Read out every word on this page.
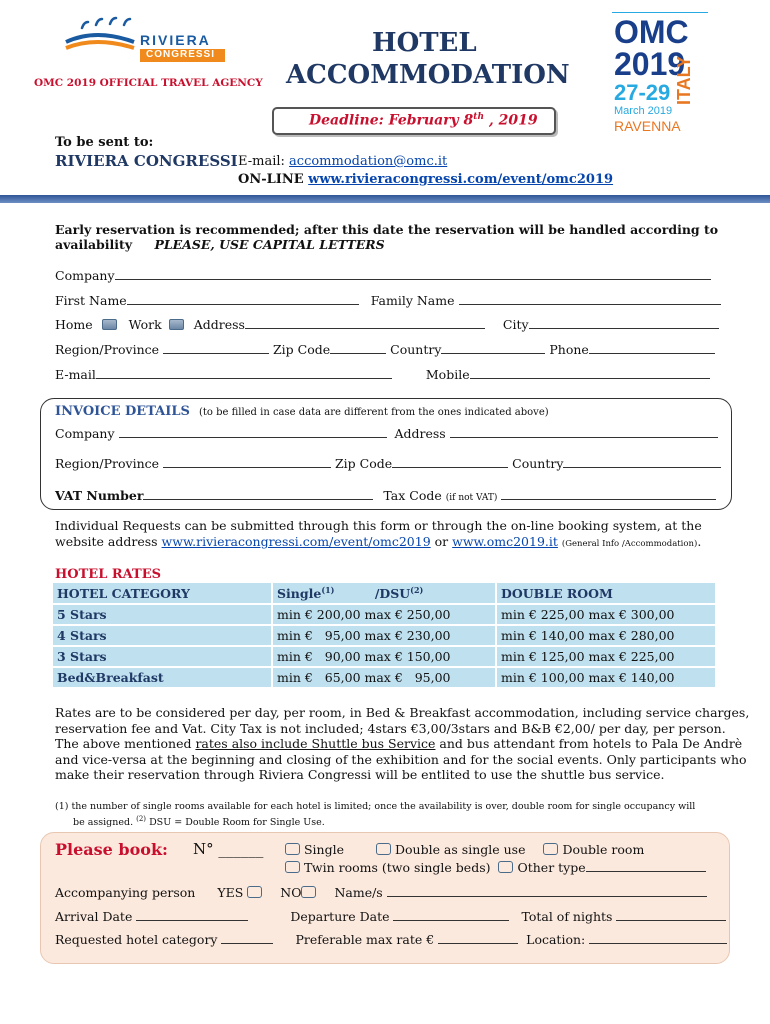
RIVIERA
CONGRESSI
OMC 2019 OFFICIAL TRAVEL AGENCY
HOTEL
ACCOMMODATION
Deadline: February 8th , 2019
OMC
2019
27-29
March 2019
RAVENNA
ITALY
To be sent to:
RIVIERA CONGRESSI E-mail: accommodation@omc.it
ON-LINE www.rivieracongressi.com/event/omc2019
Early reservation is recommended; after this date the reservation will be handled according to
availability PLEASE, USE CAPITAL LETTERS
Company
First Name	Family Name
Home	Work	Address	City
Region/Province	Zip Code	Country	Phone
E-mail	Mobile
INVOICE DETAILS (to be filled in case data are different from the ones indicated above)
Company	Address
Region/Province	Zip Code	Country
VAT Number	Tax Code (if not VAT)
Individual Requests can be submitted through this form or through the on-line booking system, at the
website address www.rivieracongressi.com/event/omc2019 or www.omc2019.it (General Info /Accommodation).
HOTEL RATES
HOTEL CATEGORY	Single$^{(1)}$ /DSU$^{(2)}$	DOUBLE ROOM
5 Stars	min € 200,00 max € 250,00	min € 225,00 max € 300,00
4 Stars	min €   95,00 max € 230,00	min € 140,00 max € 280,00
3 Stars	min €   90,00 max € 150,00	min € 125,00 max € 225,00
Bed&Breakfast	min €   65,00 max €   95,00	min € 100,00 max € 140,00
Rates are to be considered per day, per room, in Bed & Breakfast accommodation, including service charges,
reservation fee and Vat. City Tax is not included; 4stars €3,00/3stars and B&B €2,00/ per day, per person.
The above mentioned rates also include Shuttle bus Service and bus attendant from hotels to Pala De Andrè
and vice-versa at the beginning and closing of the exhibition and for the social events. Only participants who
make their reservation through Riviera Congressi will be entlited to use the shuttle bus service.
(1) the number of single rooms available for each hotel is limited; once the availability is over, double room for single occupancy will
be assigned. $^{(2)}$ DSU = Double Room for Single Use.
Please book: N° ______	Single	Double as single use	Double room
Twin rooms (two single beds) Other type
Accompanying person YES	NO	Name/s
Arrival Date	Departure Date	Total of nights
Requested hotel category	Preferable max rate €	Location:
